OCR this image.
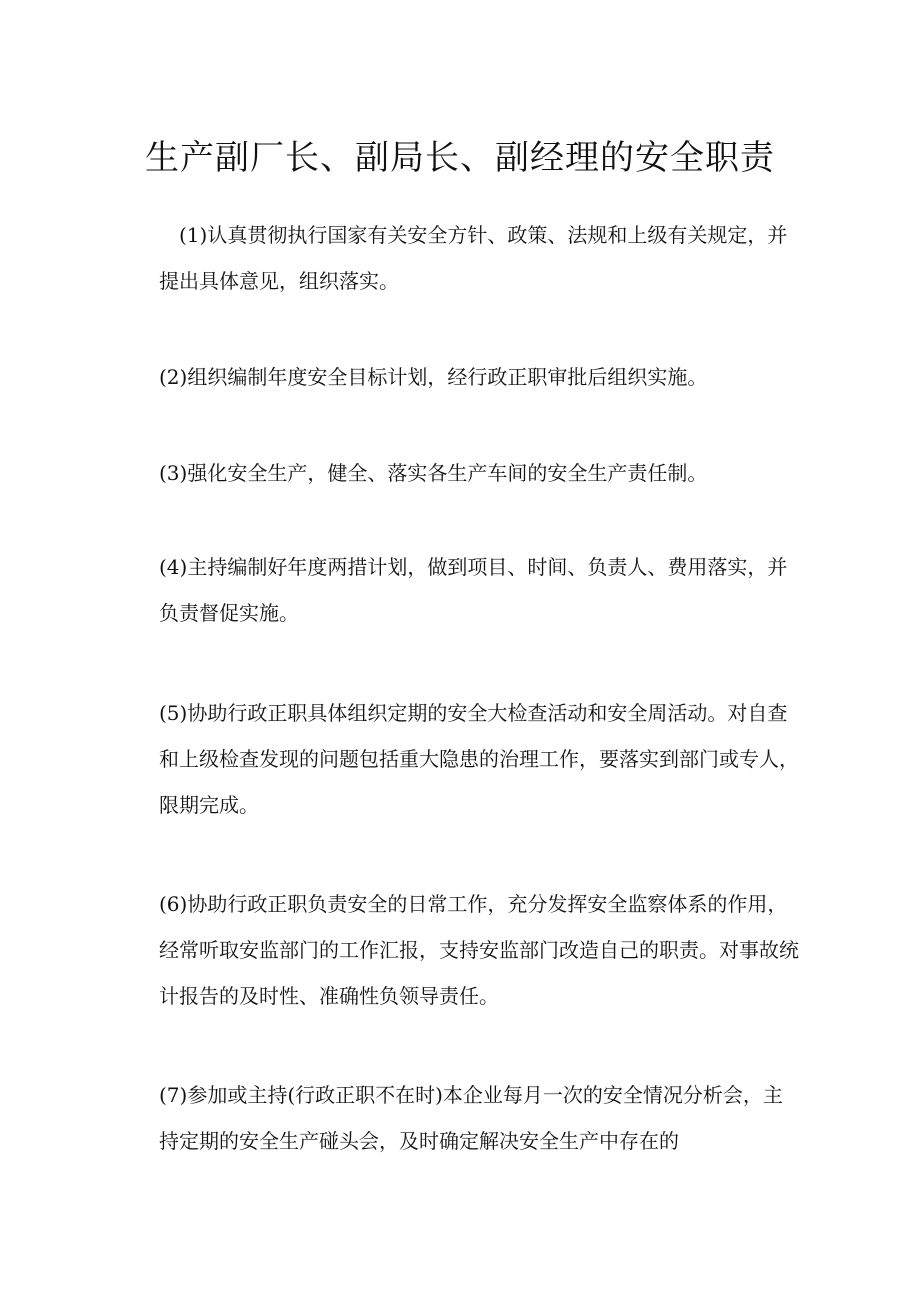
生产副厂长、副局长、副经理的安全职责

(1)认真贯彻执行国家有关安全方针、政策、法规和上级有关规定，并
提出具体意见，组织落实。

(2)组织编制年度安全目标计划，经行政正职审批后组织实施。

(3)强化安全生产，健全、落实各生产车间的安全生产责任制。

(4)主持编制好年度两措计划，做到项目、时间、负责人、费用落实，并
负责督促实施。

(5)协助行政正职具体组织定期的安全大检查活动和安全周活动。对自查
和上级检查发现的问题包括重大隐患的治理工作，要落实到部门或专人，
限期完成。

(6)协助行政正职负责安全的日常工作，充分发挥安全监察体系的作用，
经常听取安监部门的工作汇报，支持安监部门改造自己的职责。对事故统
计报告的及时性、准确性负领导责任。

(7)参加或主持(行政正职不在时)本企业每月一次的安全情况分析会，主
持定期的安全生产碰头会，及时确定解决安全生产中存在的
